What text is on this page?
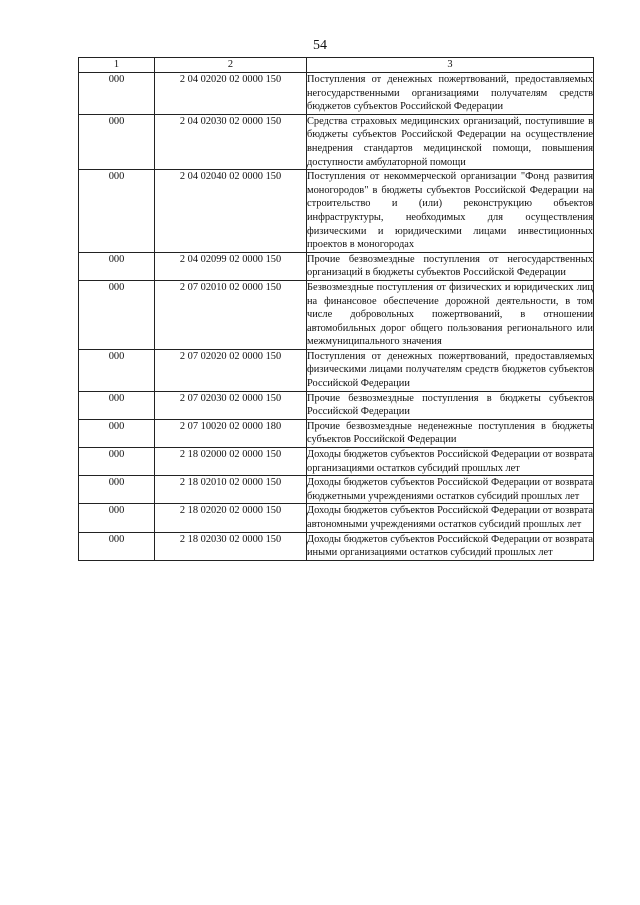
54
1	2	3
000	2 04 02020 02 0000 150	Поступления от денежных пожертвований, предоставляемых негосударственными организациями получателям средств бюджетов субъектов Российской Федерации
000	2 04 02030 02 0000 150	Средства страховых медицинских организаций, поступившие в бюджеты субъектов Российской Федерации на осуществление внедрения стандартов медицинской помощи, повышения доступности амбулаторной помощи
000	2 04 02040 02 0000 150	Поступления от некоммерческой организации "Фонд развития моногородов" в бюджеты субъектов Российской Федерации на строительство и (или) реконструкцию объектов инфраструктуры, необходимых для осуществления физическими и юридическими лицами инвестиционных проектов в моногородах
000	2 04 02099 02 0000 150	Прочие безвозмездные поступления от негосударственных организаций в бюджеты субъектов Российской Федерации
000	2 07 02010 02 0000 150	Безвозмездные поступления от физических и юридических лиц на финансовое обеспечение дорожной деятельности, в том числе добровольных пожертвований, в отношении автомобильных дорог общего пользования регионального или межмуниципального значения
000	2 07 02020 02 0000 150	Поступления от денежных пожертвований, предоставляемых физическими лицами получателям средств бюджетов субъектов Российской Федерации
000	2 07 02030 02 0000 150	Прочие безвозмездные поступления в бюджеты субъектов Российской Федерации
000	2 07 10020 02 0000 180	Прочие безвозмездные неденежные поступления в бюджеты субъектов Российской Федерации
000	2 18 02000 02 0000 150	Доходы бюджетов субъектов Российской Федерации от возврата организациями остатков субсидий прошлых лет
000	2 18 02010 02 0000 150	Доходы бюджетов субъектов Российской Федерации от возврата бюджетными учреждениями остатков субсидий прошлых лет
000	2 18 02020 02 0000 150	Доходы бюджетов субъектов Российской Федерации от возврата автономными учреждениями остатков субсидий прошлых лет
000	2 18 02030 02 0000 150	Доходы бюджетов субъектов Российской Федерации от возврата иными организациями остатков субсидий прошлых лет
